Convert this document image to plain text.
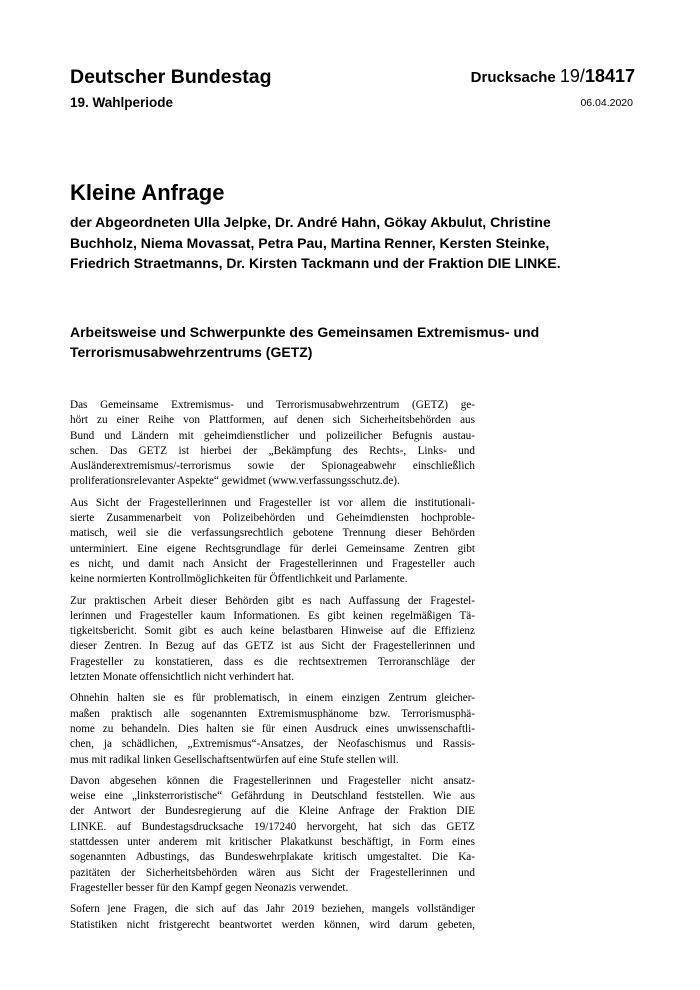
Deutscher Bundestag	Drucksache 19/18417
19. Wahlperiode	06.04.2020
Kleine Anfrage
der Abgeordneten Ulla Jelpke, Dr. André Hahn, Gökay Akbulut, Christine
Buchholz, Niema Movassat, Petra Pau, Martina Renner, Kersten Steinke,
Friedrich Straetmanns, Dr. Kirsten Tackmann und der Fraktion DIE LINKE.
Arbeitsweise und Schwerpunkte des Gemeinsamen Extremismus- und
Terrorismusabwehrzentrums (GETZ)
Das Gemeinsame Extremismus- und Terrorismusabwehrzentrum (GETZ) ge-
hört zu einer Reihe von Plattformen, auf denen sich Sicherheitsbehörden aus
Bund und Ländern mit geheimdienstlicher und polizeilicher Befugnis austau-
schen. Das GETZ ist hierbei der „Bekämpfung des Rechts-, Links- und
Ausländerextremismus/-terrorismus sowie der Spionageabwehr einschließlich
proliferationsrelevanter Aspekte“ gewidmet (www.verfassungsschutz.de).
Aus Sicht der Fragestellerinnen und Fragesteller ist vor allem die institutionali-
sierte Zusammenarbeit von Polizeibehörden und Geheimdiensten hochproble-
matisch, weil sie die verfassungsrechtlich gebotene Trennung dieser Behörden
unterminiert. Eine eigene Rechtsgrundlage für derlei Gemeinsame Zentren gibt
es nicht, und damit nach Ansicht der Fragestellerinnen und Fragesteller auch
keine normierten Kontrollmöglichkeiten für Öffentlichkeit und Parlamente.
Zur praktischen Arbeit dieser Behörden gibt es nach Auffassung der Fragestel-
lerinnen und Fragesteller kaum Informationen. Es gibt keinen regelmäßigen Tä-
tigkeitsbericht. Somit gibt es auch keine belastbaren Hinweise auf die Effizienz
dieser Zentren. In Bezug auf das GETZ ist aus Sicht der Fragestellerinnen und
Fragesteller zu konstatieren, dass es die rechtsextremen Terroranschläge der
letzten Monate offensichtlich nicht verhindert hat.
Ohnehin halten sie es für problematisch, in einem einzigen Zentrum gleicher-
maßen praktisch alle sogenannten Extremismusphänome bzw. Terrorismusphä-
nome zu behandeln. Dies halten sie für einen Ausdruck eines unwissenschaftli-
chen, ja schädlichen, „Extremismus“-Ansatzes, der Neofaschismus und Rassis-
mus mit radikal linken Gesellschaftsentwürfen auf eine Stufe stellen will.
Davon abgesehen können die Fragestellerinnen und Fragesteller nicht ansatz-
weise eine „linksterroristische“ Gefährdung in Deutschland feststellen. Wie aus
der Antwort der Bundesregierung auf die Kleine Anfrage der Fraktion DIE
LINKE. auf Bundestagsdrucksache 19/17240 hervorgeht, hat sich das GETZ
stattdessen unter anderem mit kritischer Plakatkunst beschäftigt, in Form eines
sogenannten Adbustings, das Bundeswehrplakate kritisch umgestaltet. Die Ka-
pazitäten der Sicherheitsbehörden wären aus Sicht der Fragestellerinnen und
Fragesteller besser für den Kampf gegen Neonazis verwendet.
Sofern jene Fragen, die sich auf das Jahr 2019 beziehen, mangels vollständiger
Statistiken nicht fristgerecht beantwortet werden können, wird darum gebeten,
